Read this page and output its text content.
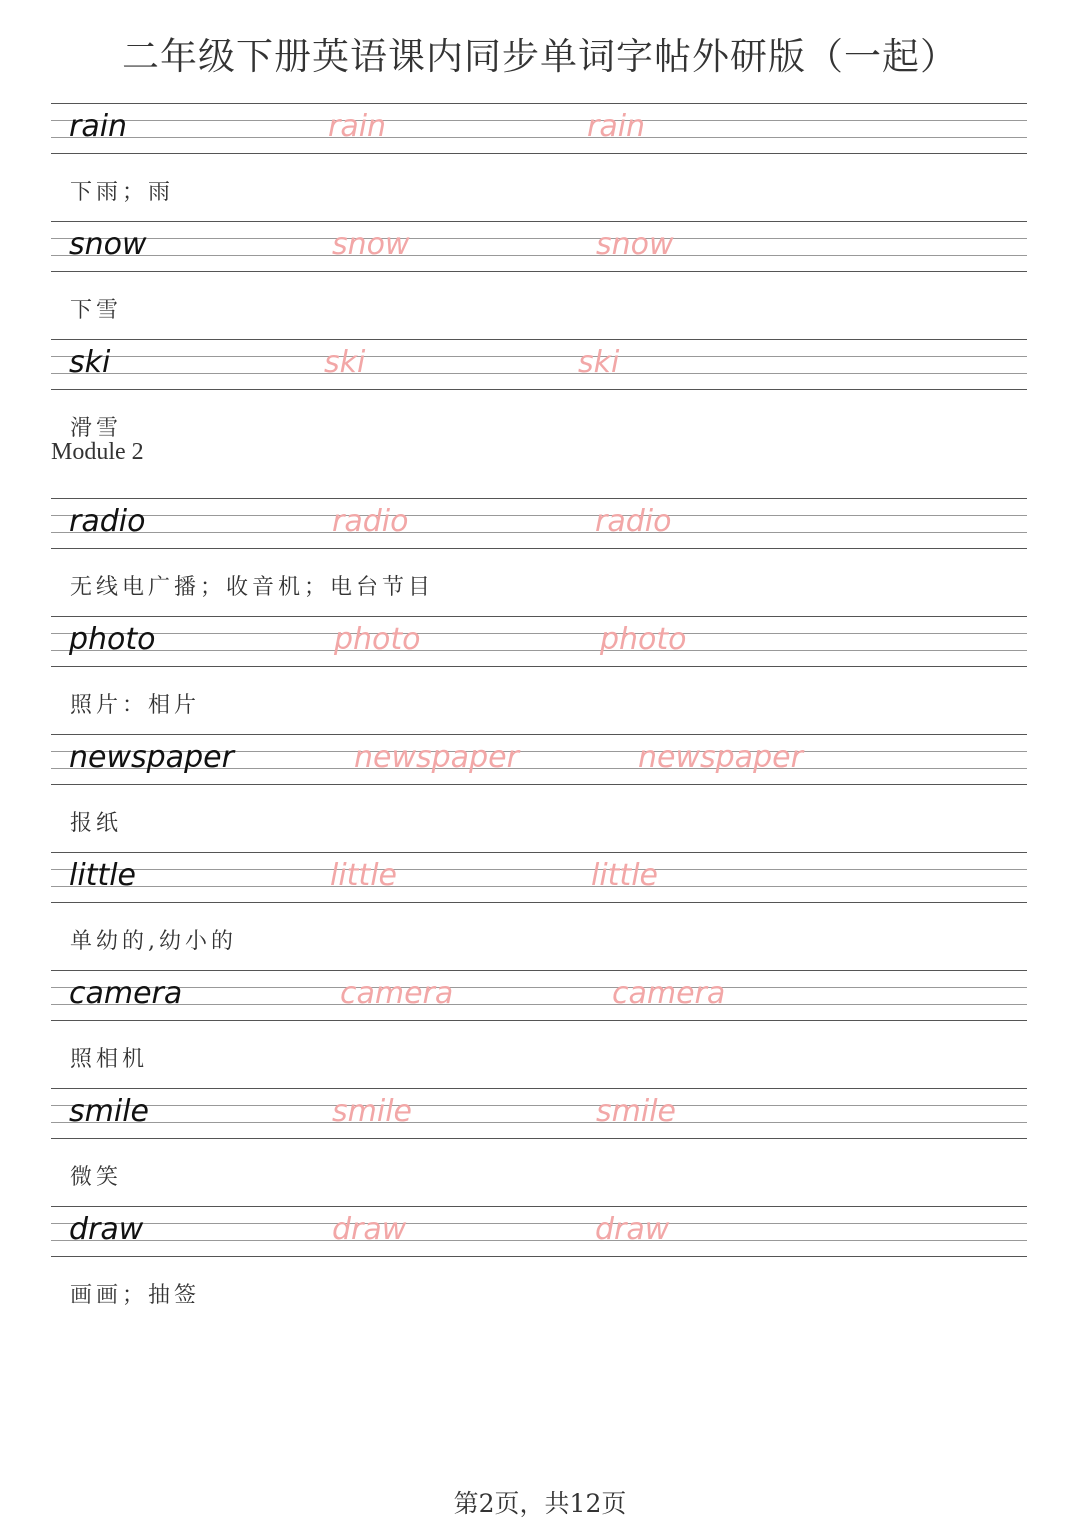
二年级下册英语课内同步单词字帖外研版（一起）
rain	rain	rain
下雨；雨
snow	snow	snow
下雪
ski	ski	ski
滑雪
Module 2
radio	radio	radio
无线电广播；收音机；电台节目
photo	photo	photo
照片：相片
newspaper	newspaper	newspaper
报纸
little	little	little
单幼的,幼小的
camera	camera	camera
照相机
smile	smile	smile
微笑
draw	draw	draw
画画；抽签
第2页，共12页
